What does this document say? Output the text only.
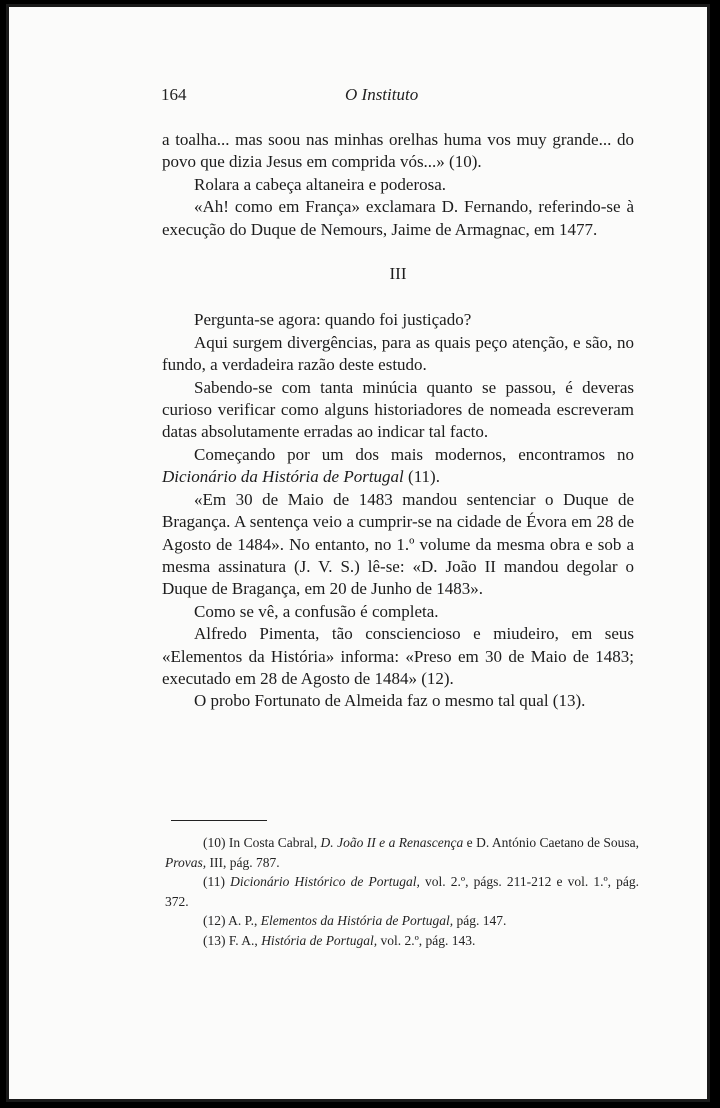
164	O Instituto

a toalha... mas soou nas minhas orelhas huma vos muy grande... do povo que dizia Jesus em comprida vós...» (10).

Rolara a cabeça altaneira e poderosa.

«Ah! como em França» exclamara D. Fernando, referindo-se à execução do Duque de Nemours, Jaime de Armagnac, em 1477.

III

Pergunta-se agora: quando foi justiçado?

Aqui surgem divergências, para as quais peço atenção, e são, no fundo, a verdadeira razão deste estudo.

Sabendo-se com tanta minúcia quanto se passou, é deveras curioso verificar como alguns historiadores de nomeada escreveram datas absolutamente erradas ao indicar tal facto.

Começando por um dos mais modernos, encontramos no Dicionário da História de Portugal (11).

«Em 30 de Maio de 1483 mandou sentenciar o Duque de Bragança. A sentença veio a cumprir-se na cidade de Évora em 28 de Agosto de 1484». No entanto, no 1.º volume da mesma obra e sob a mesma assinatura (J. V. S.) lê-se: «D. João II mandou degolar o Duque de Bragança, em 20 de Junho de 1483».

Como se vê, a confusão é completa.

Alfredo Pimenta, tão consciencioso e miudeiro, em seus «Elementos da História» informa: «Preso em 30 de Maio de 1483; executado em 28 de Agosto de 1484» (12).

O probo Fortunato de Almeida faz o mesmo tal qual (13).

(10) In Costa Cabral, D. João II e a Renascença e D. António Caetano de Sousa, Provas, III, pág. 787.

(11) Dicionário Histórico de Portugal, vol. 2.º, págs. 211-212 e vol. 1.º, pág. 372.

(12) A. P., Elementos da História de Portugal, pág. 147.

(13) F. A., História de Portugal, vol. 2.º, pág. 143.
